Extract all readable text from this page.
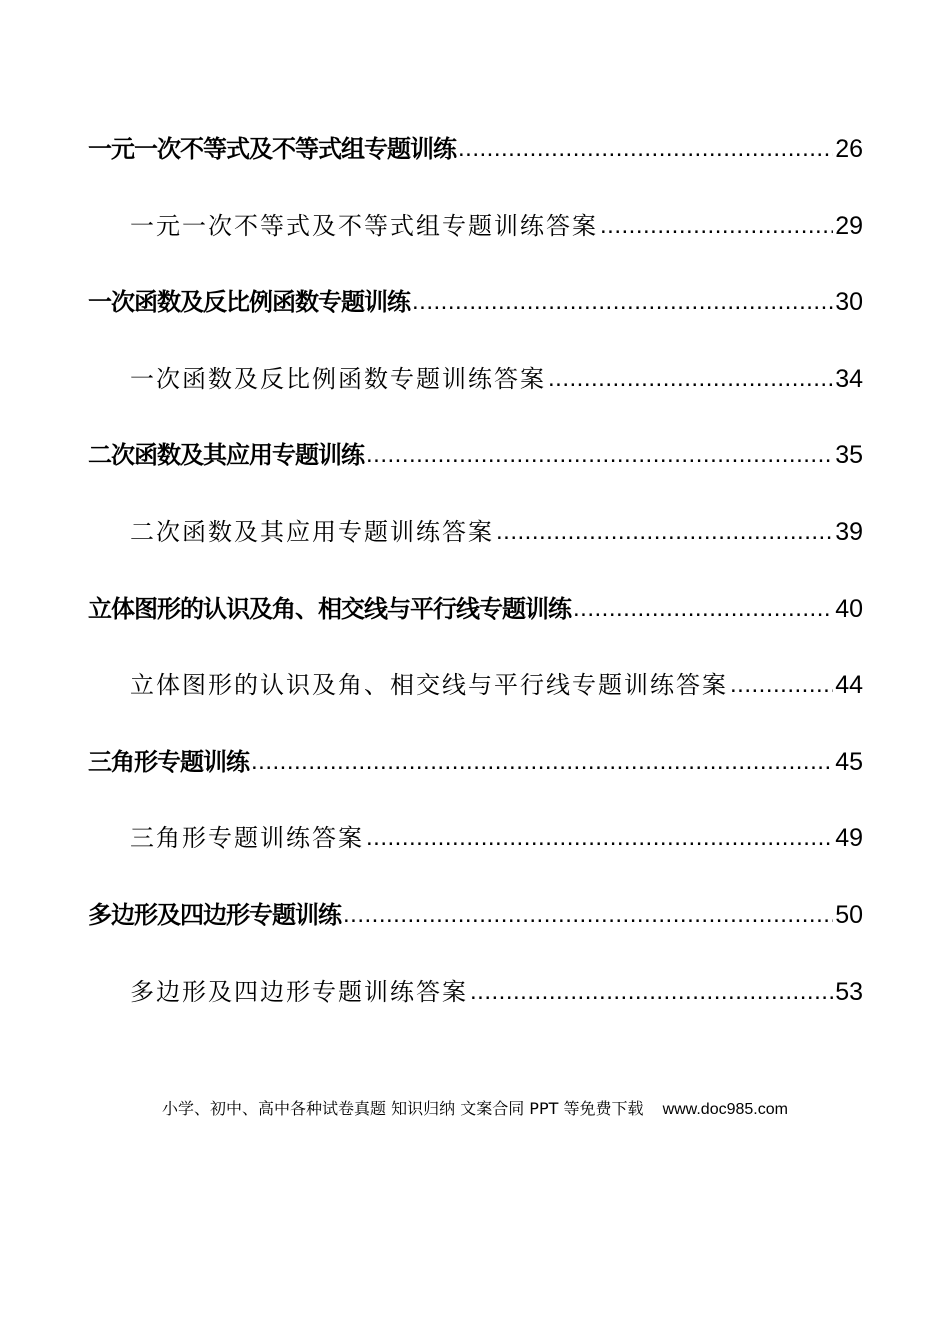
一元一次不等式及不等式组专题训练 .....	26
一元一次不等式及不等式组专题训练答案 .....	29
一次函数及反比例函数专题训练 .....	30
一次函数及反比例函数专题训练答案 .....	34
二次函数及其应用专题训练 .....	35
二次函数及其应用专题训练答案 .....	39
立体图形的认识及角、相交线与平行线专题训练 .....	40
立体图形的认识及角、相交线与平行线专题训练答案 .....	44
三角形专题训练 .....	45
三角形专题训练答案 .....	49
多边形及四边形专题训练 .....	50
多边形及四边形专题训练答案 .....	53
小学、初中、高中各种试卷真题 知识归纳 文案合同 PPT 等免费下载 www.doc985.com
